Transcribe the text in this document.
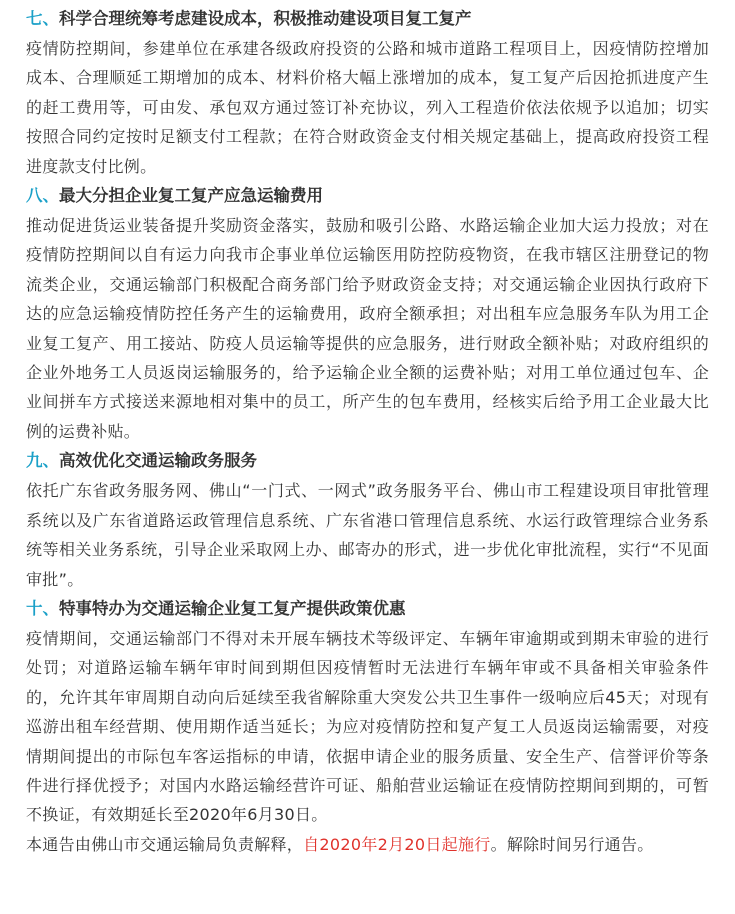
七、科学合理统筹考虑建设成本，积极推动建设项目复工复产

疫情防控期间，参建单位在承建各级政府投资的公路和城市道路工程项目上，因疫情防控增加成本、合理顺延工期增加的成本、材料价格大幅上涨增加的成本，复工复产后因抢抓进度产生的赶工费用等，可由发、承包双方通过签订补充协议，列入工程造价依法依规予以追加；切实按照合同约定按时足额支付工程款；在符合财政资金支付相关规定基础上，提高政府投资工程进度款支付比例。

八、最大分担企业复工复产应急运输费用

推动促进货运业装备提升奖励资金落实，鼓励和吸引公路、水路运输企业加大运力投放；对在疫情防控期间以自有运力向我市企事业单位运输医用防控防疫物资，在我市辖区注册登记的物流类企业，交通运输部门积极配合商务部门给予财政资金支持；对交通运输企业因执行政府下达的应急运输疫情防控任务产生的运输费用，政府全额承担；对出租车应急服务车队为用工企业复工复产、用工接站、防疫人员运输等提供的应急服务，进行财政全额补贴；对政府组织的企业外地务工人员返岗运输服务的，给予运输企业全额的运费补贴；对用工单位通过包车、企业间拼车方式接送来源地相对集中的员工，所产生的包车费用，经核实后给予用工企业最大比例的运费补贴。

九、高效优化交通运输政务服务

依托广东省政务服务网、佛山“一门式、一网式”政务服务平台、佛山市工程建设项目审批管理系统以及广东省道路运政管理信息系统、广东省港口管理信息系统、水运行政管理综合业务系统等相关业务系统，引导企业采取网上办、邮寄办的形式，进一步优化审批流程，实行“不见面审批”。

十、特事特办为交通运输企业复工复产提供政策优惠

疫情期间，交通运输部门不得对未开展车辆技术等级评定、车辆年审逾期或到期未审验的进行处罚；对道路运输车辆年审时间到期但因疫情暂时无法进行车辆年审或不具备相关审验条件的，允许其年审周期自动向后延续至我省解除重大突发公共卫生事件一级响应后45天；对现有巡游出租车经营期、使用期作适当延长；为应对疫情防控和复产复工人员返岗运输需要，对疫情期间提出的市际包车客运指标的申请，依据申请企业的服务质量、安全生产、信誉评价等条件进行择优授予；对国内水路运输经营许可证、船舶营业运输证在疫情防控期间到期的，可暂不换证，有效期延长至2020年6月30日。

本通告由佛山市交通运输局负责解释，自2020年2月20日起施行。解除时间另行通告。
